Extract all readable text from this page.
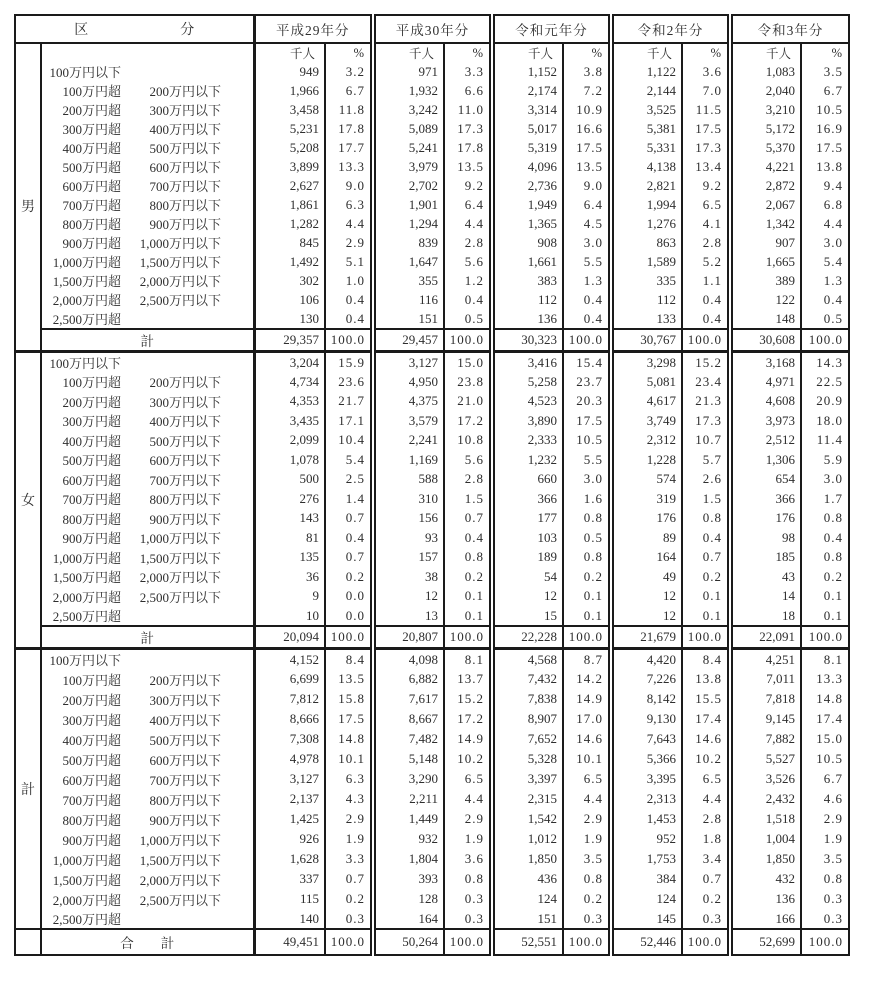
区 分		平成29年分		平成30年分		令和元年分		令和2年分		令和3年分	
		千人	%	千人	%	千人	%	千人	%	千人	%
男	100万円以下	949	3.2	971	3.3	1,152	3.8	1,122	3.6	1,083	3.5
	100万円超 200万円以下	1,966	6.7	1,932	6.6	2,174	7.2	2,144	7.0	2,040	6.7
	200万円超 300万円以下	3,458	11.8	3,242	11.0	3,314	10.9	3,525	11.5	3,210	10.5
	300万円超 400万円以下	5,231	17.8	5,089	17.3	5,017	16.6	5,381	17.5	5,172	16.9
	400万円超 500万円以下	5,208	17.7	5,241	17.8	5,319	17.5	5,331	17.3	5,370	17.5
	500万円超 600万円以下	3,899	13.3	3,979	13.5	4,096	13.5	4,138	13.4	4,221	13.8
	600万円超 700万円以下	2,627	9.0	2,702	9.2	2,736	9.0	2,821	9.2	2,872	9.4
	700万円超 800万円以下	1,861	6.3	1,901	6.4	1,949	6.4	1,994	6.5	2,067	6.8
	800万円超 900万円以下	1,282	4.4	1,294	4.4	1,365	4.5	1,276	4.1	1,342	4.4
	900万円超 1,000万円以下	845	2.9	839	2.8	908	3.0	863	2.8	907	3.0
	1,000万円超 1,500万円以下	1,492	5.1	1,647	5.6	1,661	5.5	1,589	5.2	1,665	5.4
	1,500万円超 2,000万円以下	302	1.0	355	1.2	383	1.3	335	1.1	389	1.3
	2,000万円超 2,500万円以下	106	0.4	116	0.4	112	0.4	112	0.4	122	0.4
	2,500万円超	130	0.4	151	0.5	136	0.4	133	0.4	148	0.5
	計	29,357	100.0	29,457	100.0	30,323	100.0	30,767	100.0	30,608	100.0
女	100万円以下	3,204	15.9	3,127	15.0	3,416	15.4	3,298	15.2	3,168	14.3
	100万円超 200万円以下	4,734	23.6	4,950	23.8	5,258	23.7	5,081	23.4	4,971	22.5
	200万円超 300万円以下	4,353	21.7	4,375	21.0	4,523	20.3	4,617	21.3	4,608	20.9
	300万円超 400万円以下	3,435	17.1	3,579	17.2	3,890	17.5	3,749	17.3	3,973	18.0
	400万円超 500万円以下	2,099	10.4	2,241	10.8	2,333	10.5	2,312	10.7	2,512	11.4
	500万円超 600万円以下	1,078	5.4	1,169	5.6	1,232	5.5	1,228	5.7	1,306	5.9
	600万円超 700万円以下	500	2.5	588	2.8	660	3.0	574	2.6	654	3.0
	700万円超 800万円以下	276	1.4	310	1.5	366	1.6	319	1.5	366	1.7
	800万円超 900万円以下	143	0.7	156	0.7	177	0.8	176	0.8	176	0.8
	900万円超 1,000万円以下	81	0.4	93	0.4	103	0.5	89	0.4	98	0.4
	1,000万円超 1,500万円以下	135	0.7	157	0.8	189	0.8	164	0.7	185	0.8
	1,500万円超 2,000万円以下	36	0.2	38	0.2	54	0.2	49	0.2	43	0.2
	2,000万円超 2,500万円以下	9	0.0	12	0.1	12	0.1	12	0.1	14	0.1
	2,500万円超	10	0.0	13	0.1	15	0.1	12	0.1	18	0.1
	計	20,094	100.0	20,807	100.0	22,228	100.0	21,679	100.0	22,091	100.0
計	100万円以下	4,152	8.4	4,098	8.1	4,568	8.7	4,420	8.4	4,251	8.1
	100万円超 200万円以下	6,699	13.5	6,882	13.7	7,432	14.2	7,226	13.8	7,011	13.3
	200万円超 300万円以下	7,812	15.8	7,617	15.2	7,838	14.9	8,142	15.5	7,818	14.8
	300万円超 400万円以下	8,666	17.5	8,667	17.2	8,907	17.0	9,130	17.4	9,145	17.4
	400万円超 500万円以下	7,308	14.8	7,482	14.9	7,652	14.6	7,643	14.6	7,882	15.0
	500万円超 600万円以下	4,978	10.1	5,148	10.2	5,328	10.1	5,366	10.2	5,527	10.5
	600万円超 700万円以下	3,127	6.3	3,290	6.5	3,397	6.5	3,395	6.5	3,526	6.7
	700万円超 800万円以下	2,137	4.3	2,211	4.4	2,315	4.4	2,313	4.4	2,432	4.6
	800万円超 900万円以下	1,425	2.9	1,449	2.9	1,542	2.9	1,453	2.8	1,518	2.9
	900万円超 1,000万円以下	926	1.9	932	1.9	1,012	1.9	952	1.8	1,004	1.9
	1,000万円超 1,500万円以下	1,628	3.3	1,804	3.6	1,850	3.5	1,753	3.4	1,850	3.5
	1,500万円超 2,000万円以下	337	0.7	393	0.8	436	0.8	384	0.7	432	0.8
	2,000万円超 2,500万円以下	115	0.2	128	0.3	124	0.2	124	0.2	136	0.3
	2,500万円超	140	0.3	164	0.3	151	0.3	145	0.3	166	0.3
	合　　計	49,451	100.0	50,264	100.0	52,551	100.0	52,446	100.0	52,699	100.0
